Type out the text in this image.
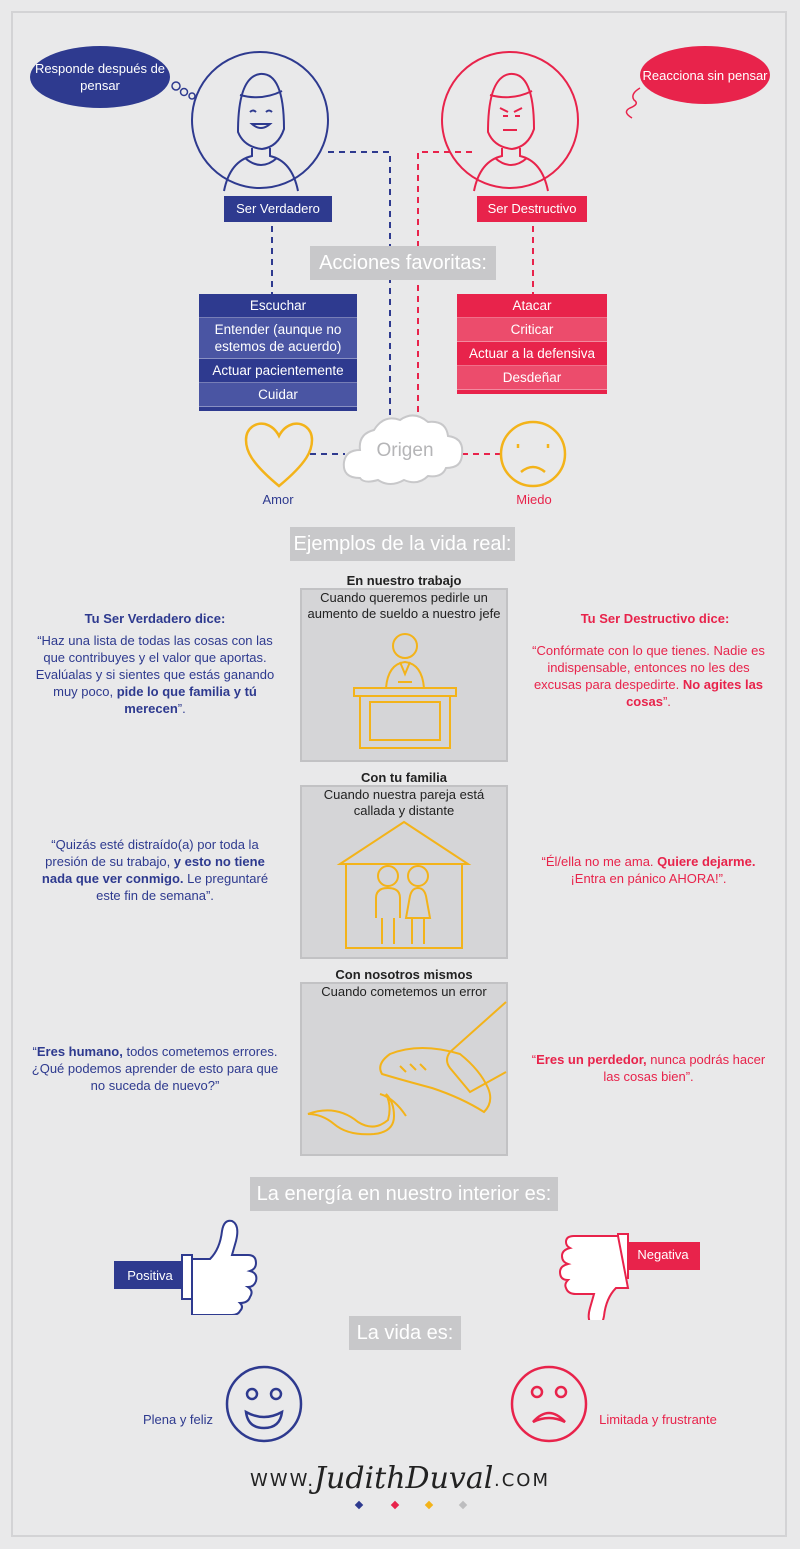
Responde después de pensar
Reacciona sin pensar
Ser Verdadero	Ser Destructivo
Acciones favoritas:
Escuchar
Entender (aunque no estemos de acuerdo)
Actuar pacientemente
Cuidar
Atacar
Criticar
Actuar a la defensiva
Desdeñar
Origen
Amor	Miedo
Ejemplos de la vida real:
Tu Ser Verdadero dice:	Tu Ser Destructivo dice:
En nuestro trabajo
Cuando queremos pedirle un aumento de sueldo a nuestro jefe
“Haz una lista de todas las cosas con las que contribuyes y el valor que aportas. Evalúalas y si sientes que estás ganando muy poco, pide lo que familia y tú merecen”.
“Confórmate con lo que tienes. Nadie es indispensable, entonces no les des excusas para despedirte. No agites las cosas”.
Con tu familia
Cuando nuestra pareja está callada y distante
“Quizás esté distraído(a) por toda la presión de su trabajo, y esto no tiene nada que ver conmigo. Le preguntaré este fin de semana”.
“Él/ella no me ama. Quiere dejarme. ¡Entra en pánico AHORA!”.
Con nosotros mismos
Cuando cometemos un error
“Eres humano, todos cometemos errores. ¿Qué podemos aprender de esto para que no suceda de nuevo?”
“Eres un perdedor, nunca podrás hacer las cosas bien”.
La energía en nuestro interior es:
Positiva
Negativa
La vida es:
Plena y feliz	Limitada y frustrante
WWW.
JudithDuval .COM
